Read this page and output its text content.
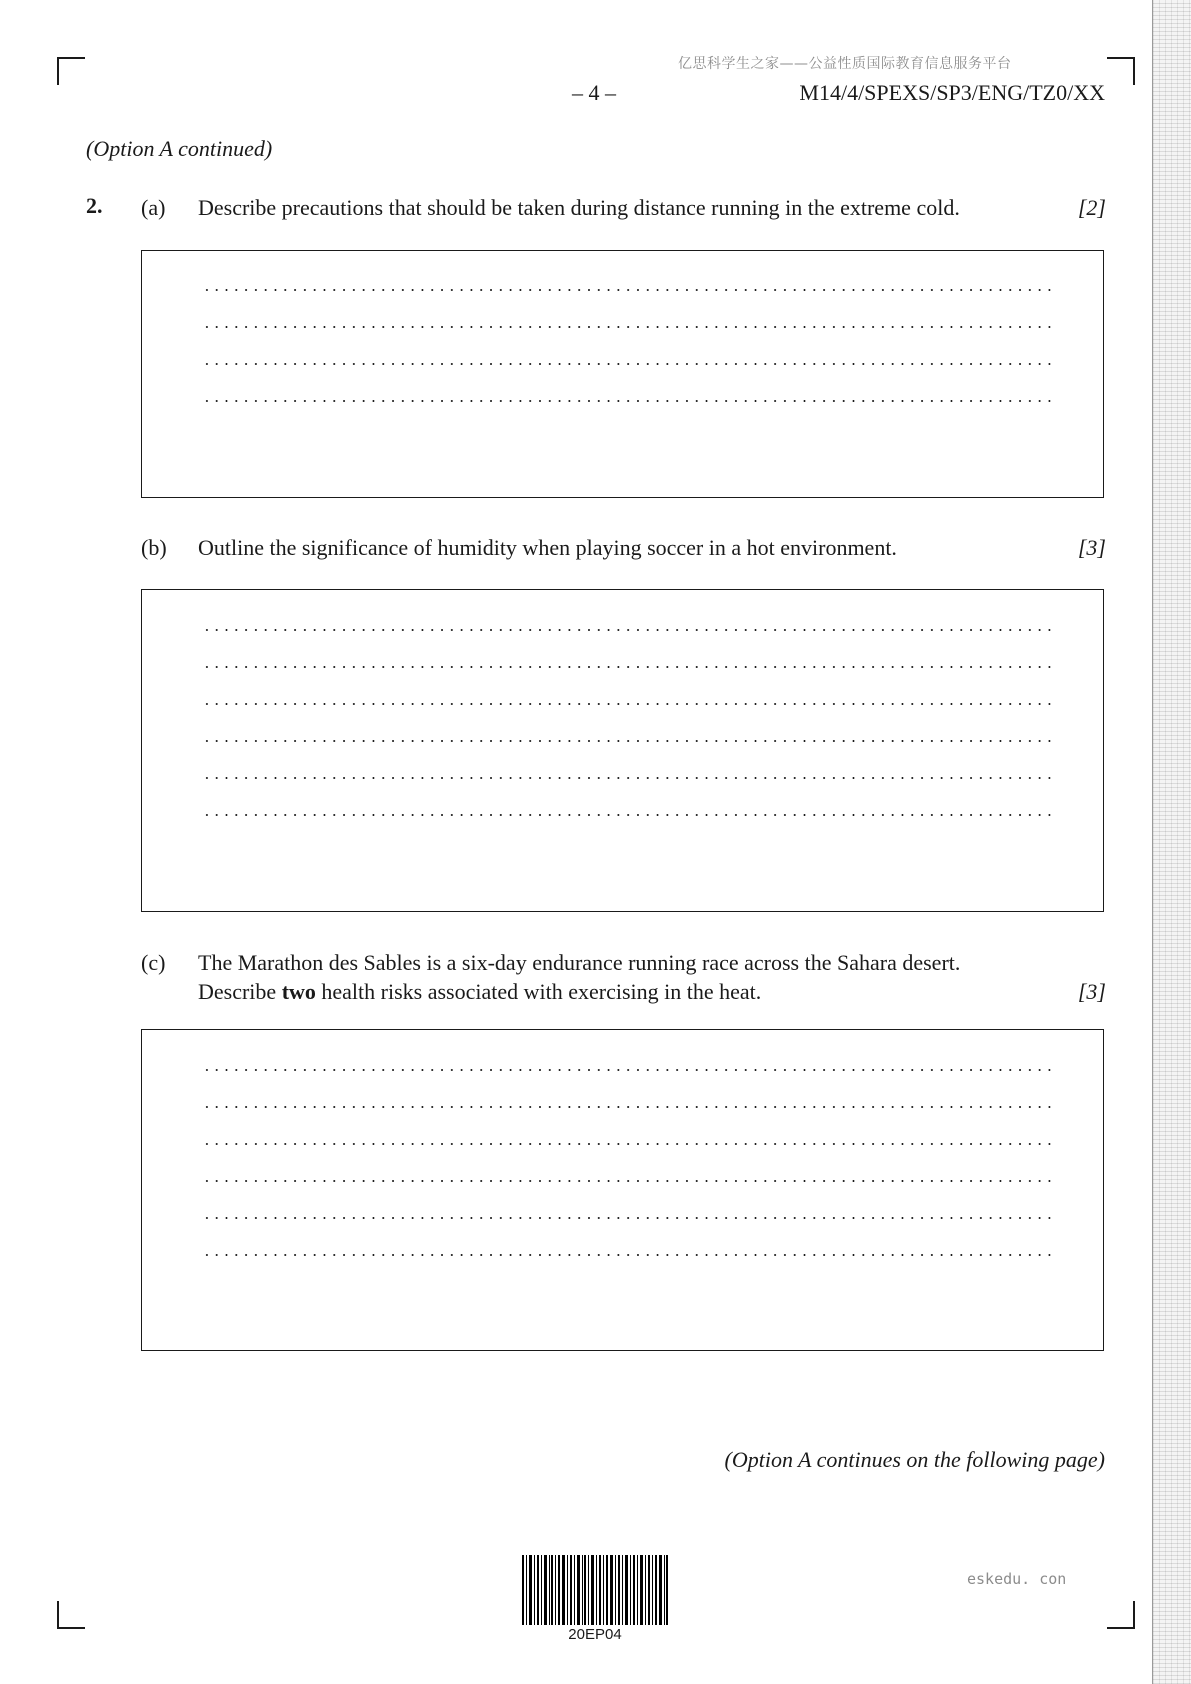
亿思科学生之家——公益性质国际教育信息服务平台
– 4 –	M14/4/SPEXS/SP3/ENG/TZ0/XX
(Option A continued)
2. (a) Describe precautions that should be taken during distance running in the extreme cold.	[2]
(b) Outline the significance of humidity when playing soccer in a hot environment.	[3]
(c) The Marathon des Sables is a six-day endurance running race across the Sahara desert.
Describe two health risks associated with exercising in the heat.	[3]
(Option A continues on the following page)
20EP04
eskedu. con
